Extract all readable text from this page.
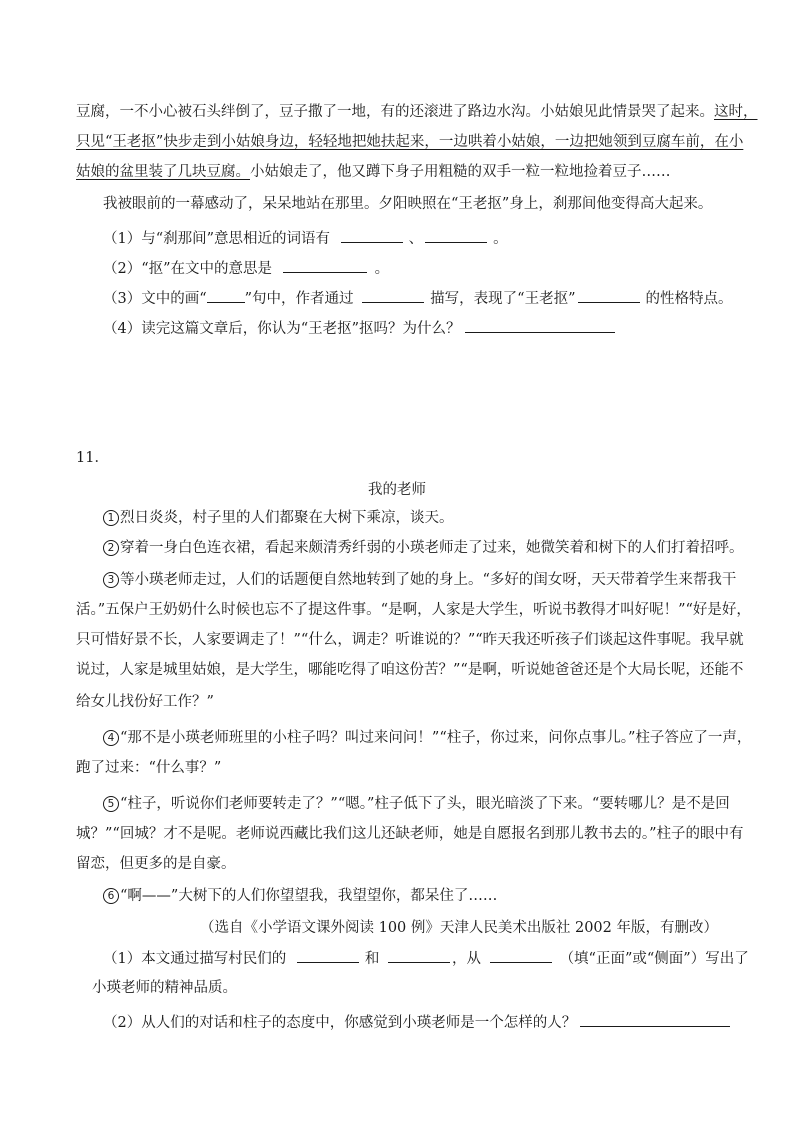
豆腐，一不小心被石头绊倒了，豆子撒了一地，有的还滚进了路边水沟。小姑娘见此情景哭了起来。这时，
只见“王老抠”快步走到小姑娘身边，轻轻地把她扶起来，一边哄着小姑娘，一边把她领到豆腐车前，在小
姑娘的盆里装了几块豆腐。小姑娘走了，他又蹲下身子用粗糙的双手一粒一粒地捡着豆子……
我被眼前的一幕感动了，呆呆地站在那里。夕阳映照在“王老抠”身上，刹那间他变得高大起来。
（1）与“刹那间”意思相近的词语有	、	。
（2）“抠”在文中的意思是	。
（3）文中的画“	”句中，作者通过	描写，表现了“王老抠”	的性格特点。
（4）读完这篇文章后，你认为“王老抠”抠吗？为什么？
11．
我的老师
1 烈日炎炎，村子里的人们都聚在大树下乘凉，谈天。
2 穿着一身白色连衣裙，看起来颇清秀纤弱的小瑛老师走了过来，她微笑着和树下的人们打着招呼。
3 等小瑛老师走过，人们的话题便自然地转到了她的身上。“多好的闺女呀，天天带着学生来帮我干
活。”五保户王奶奶什么时候也忘不了提这件事。“是啊，人家是大学生，听说书教得才叫好呢！”“好是好，
只可惜好景不长，人家要调走了！”“什么，调走？听谁说的？”“昨天我还听孩子们谈起这件事呢。我早就
说过，人家是城里姑娘，是大学生，哪能吃得了咱这份苦？”“是啊，听说她爸爸还是个大局长呢，还能不
给女儿找份好工作？”
4 “那不是小瑛老师班里的小柱子吗？叫过来问问！”“柱子，你过来，问你点事儿。”柱子答应了一声，
跑了过来：“什么事？”
5 “柱子，听说你们老师要转走了？”“嗯。”柱子低下了头，眼光暗淡了下来。“要转哪儿？是不是回
城？”“回城？才不是呢。老师说西藏比我们这儿还缺老师，她是自愿报名到那儿教书去的。”柱子的眼中有
留恋，但更多的是自豪。
6 “啊——”大树下的人们你望望我，我望望你，都呆住了……
（选自《小学语文课外阅读 100 例》天津人民美术出版社 2002 年版，有删改）
（1）本文通过描写村民们的	和	，从	（填“正面”或“侧面”）写出了
小瑛老师的精神品质。
（2）从人们的对话和柱子的态度中，你感觉到小瑛老师是一个怎样的人？
